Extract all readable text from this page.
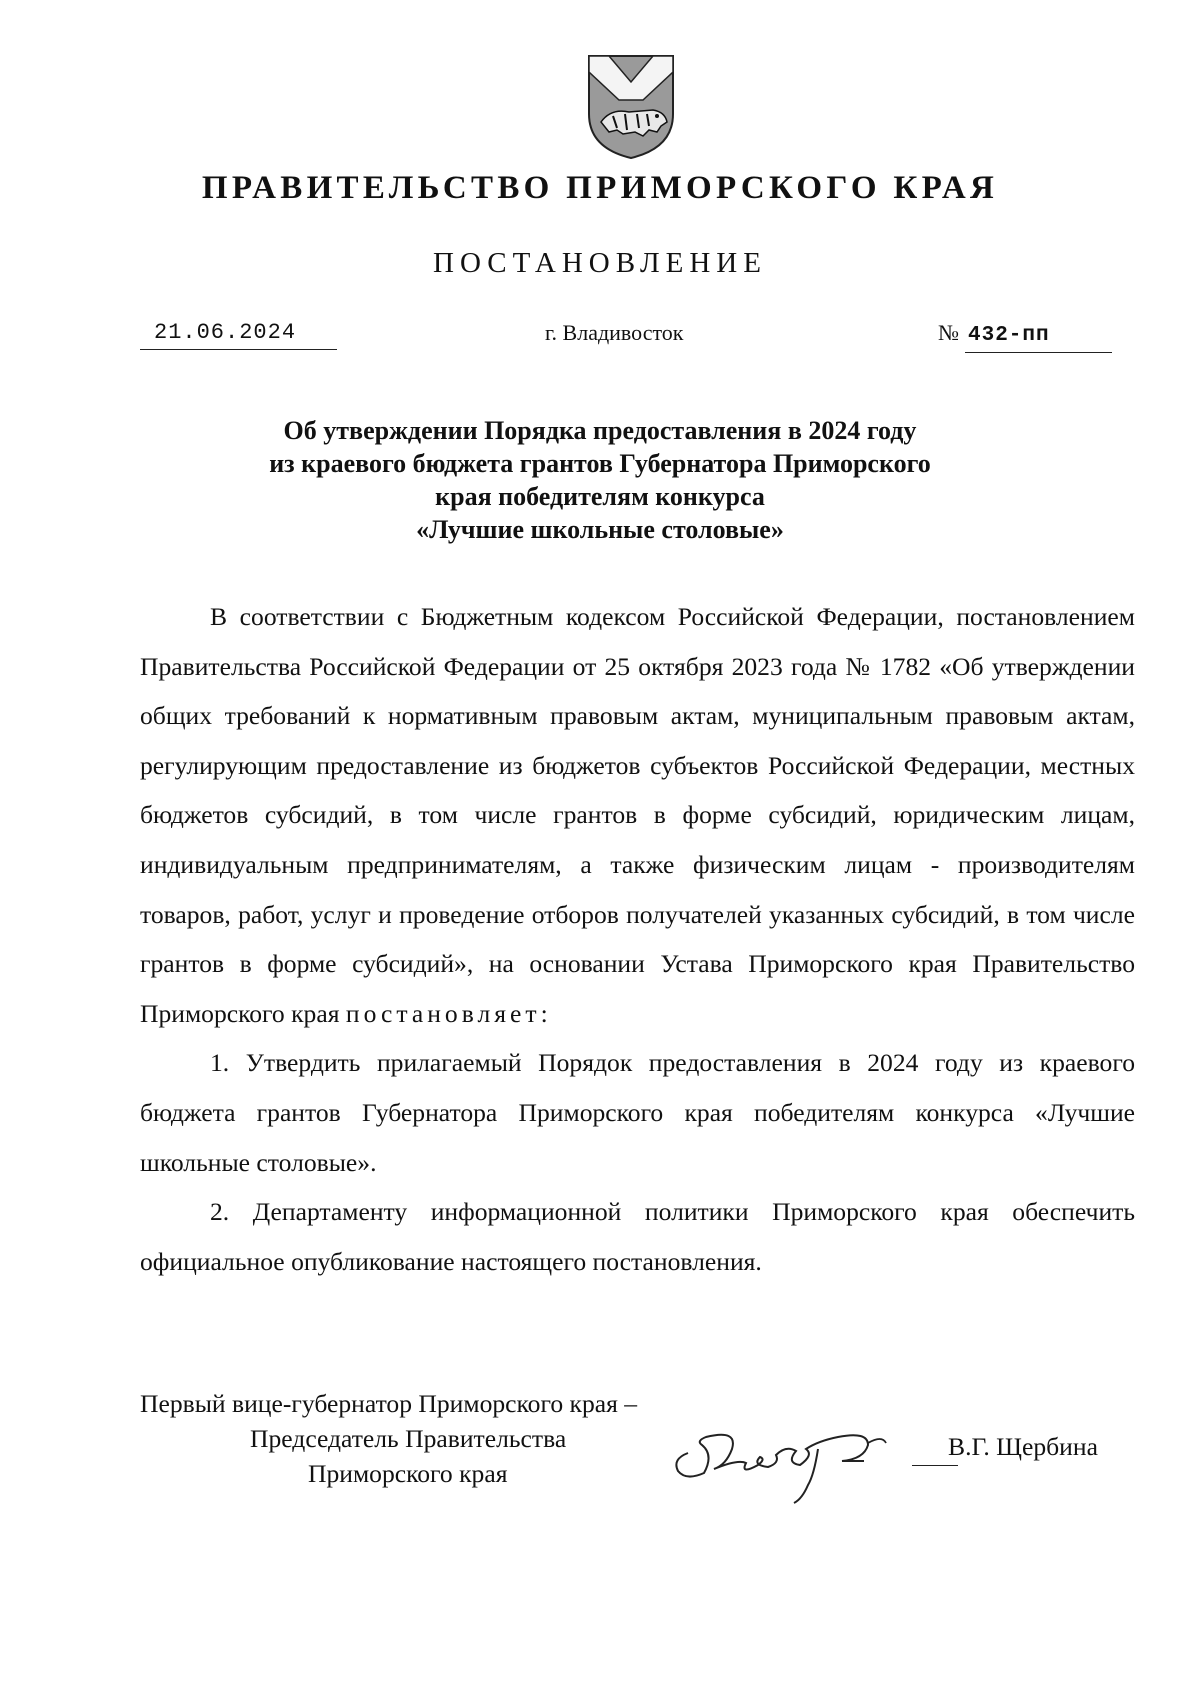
ПРАВИТЕЛЬСТВО ПРИМОРСКОГО КРАЯ
ПОСТАНОВЛЕНИЕ
21.06.2024	г. Владивосток	№ 432-пп
Об утверждении Порядка предоставления в 2024 году
из краевого бюджета грантов Губернатора Приморского
края победителям конкурса
«Лучшие школьные столовые»

В соответствии с Бюджетным кодексом Российской Федерации, постановлением Правительства Российской Федерации от 25 октября 2023 года № 1782 «Об утверждении общих требований к нормативным правовым актам, муниципальным правовым актам, регулирующим предоставление из бюджетов субъектов Российской Федерации, местных бюджетов субсидий, в том числе грантов в форме субсидий, юридическим лицам, индивидуальным предпринимателям, а также физическим лицам - производителям товаров, работ, услуг и проведение отборов получателей указанных субсидий, в том числе грантов в форме субсидий», на основании Устава Приморского края Правительство Приморского края постановляет:

1. Утвердить прилагаемый Порядок предоставления в 2024 году из краевого бюджета грантов Губернатора Приморского края победителям конкурса «Лучшие школьные столовые».

2. Департаменту информационной политики Приморского края обеспечить официальное опубликование настоящего постановления.

Первый вице-губернатор Приморского края –
Председатель Правительства
Приморского края
В.Г. Щербина
